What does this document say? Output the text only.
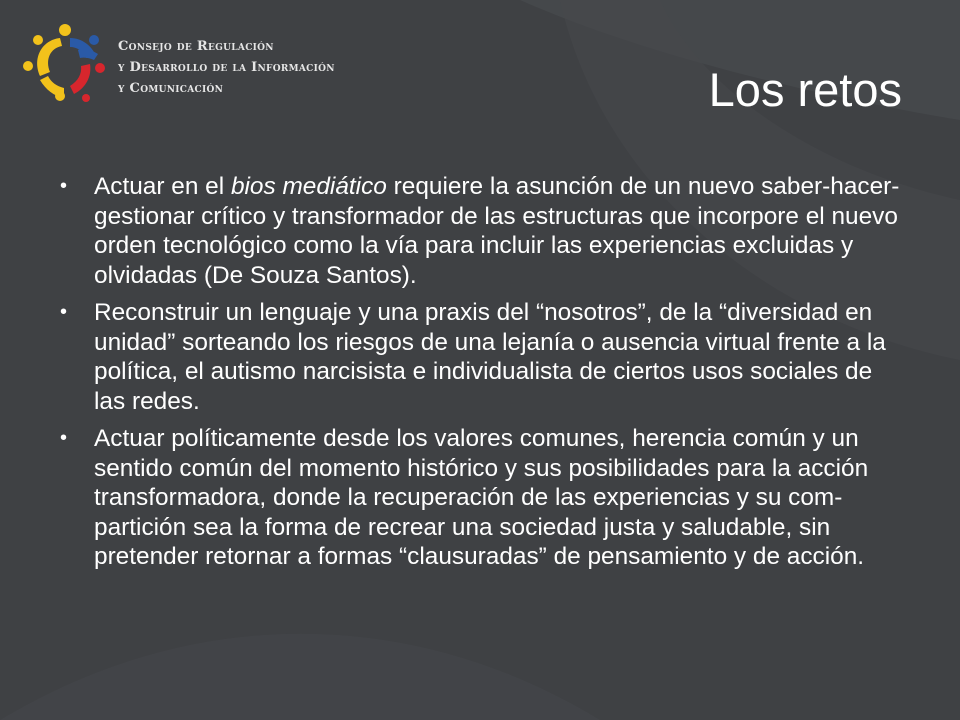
Consejo de Regulación
y Desarrollo de la Información
y Comunicación	Los retos
• Actuar en el bios mediático requiere la asunción de un nuevo saber-hacer-gestionar crítico y transformador de las estructuras que incorpore el nuevo orden tecnológico como la vía para incluir las experiencias excluidas y olvidadas (De Souza Santos).
• Reconstruir un lenguaje y una praxis del “nosotros”, de la “diversidad en unidad” sorteando los riesgos de una lejanía o ausencia virtual frente a la política, el autismo narcisista e individualista de ciertos usos sociales de las redes.
• Actuar políticamente desde los valores comunes, herencia común y un sentido común del momento histórico y sus posibilidades para la acción transformadora, donde la recuperación de las experiencias y su com-partición sea la forma de recrear una sociedad justa y saludable, sin pretender retornar a formas “clausuradas” de pensamiento y de acción.
